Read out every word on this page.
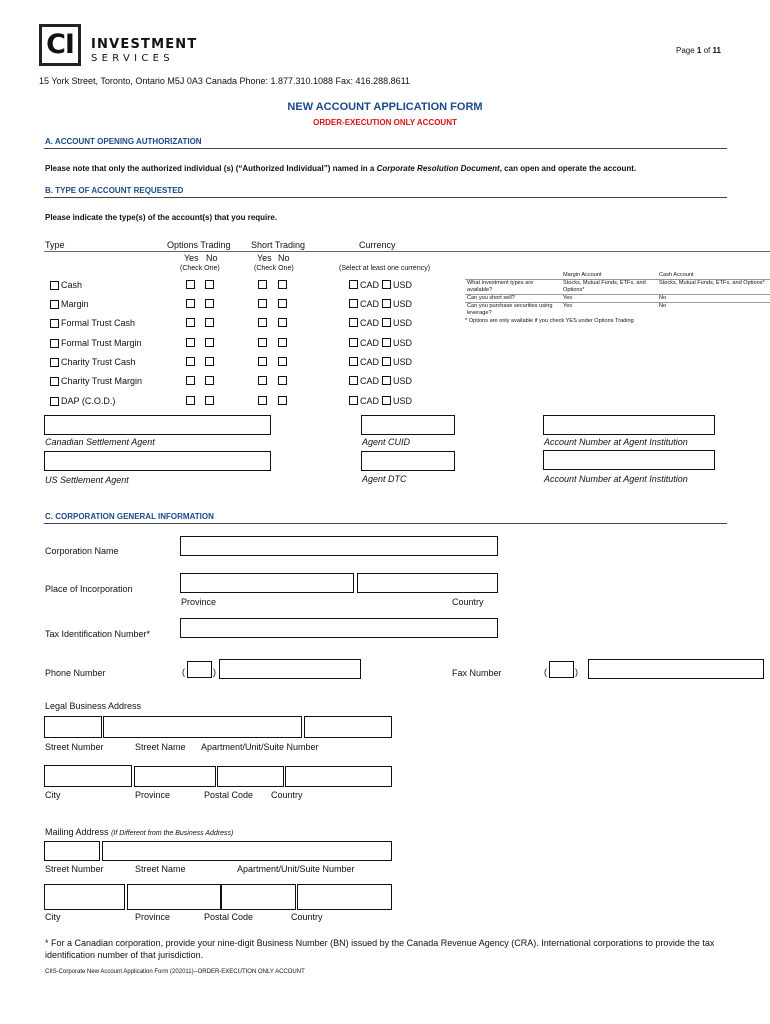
CI	INVESTMENT
SERVICES
Page 1 of 11
15 York Street, Toronto, Ontario M5J 0A3 Canada Phone: 1.877.310.1088 Fax: 416.288.8611
NEW ACCOUNT APPLICATION FORM
ORDER-EXECUTION ONLY ACCOUNT
A. ACCOUNT OPENING AUTHORIZATION
Please note that only the authorized individual (s) (“Authorized Individual”) named in a Corporate Resolution Document, can open and operate the account.
B. TYPE OF ACCOUNT REQUESTED
Please indicate the type(s) of the account(s) that you require.
Type	Options Trading Short Trading	Currency
Yes No	Yes No
(Check One)	(Check One)	(Select at least one currency)
Cash	CAD USD
Margin	CAD USD
Formal Trust Cash	CAD USD
Formal Trust Margin	CAD USD
Charity Trust Cash	CAD USD
Charity Trust Margin	CAD USD
DAP (C.O.D.)	CAD USD
	Margin Account	Cash Account
What investment types are available?	Stocks, Mutual Funds, ETFs, and Options*	Stocks, Mutual Funds, ETFs, and Options*
Can you short sell?	Yes	No
Can you purchase securities using leverage?	Yes	No
* Options are only available if you check YES under Options Trading
Canadian Settlement Agent	Agent CUID	Account Number at Agent Institution
US Settlement Agent	Agent DTC	Account Number at Agent Institution
C. CORPORATION GENERAL INFORMATION
Corporation Name
Place of Incorporation
Province	Country
Tax Identification Number*
Phone Number	(	)	Fax Number	(	)
Legal Business Address
Street Number	Street Name Apartment/Unit/Suite Number
City	Province	Postal Code Country
Mailing Address (If Different from the Business Address)
Street Number	Street Name	Apartment/Unit/Suite Number
City	Province	Postal Code	Country
* For a Canadian corporation, provide your nine-digit Business Number (BN) issued by the Canada Revenue Agency (CRA). International corporations to provide the tax identification number of that jurisdiction.
CIIS-Corporate New Account Application Form (202011)--ORDER-EXECUTION ONLY ACCOUNT
